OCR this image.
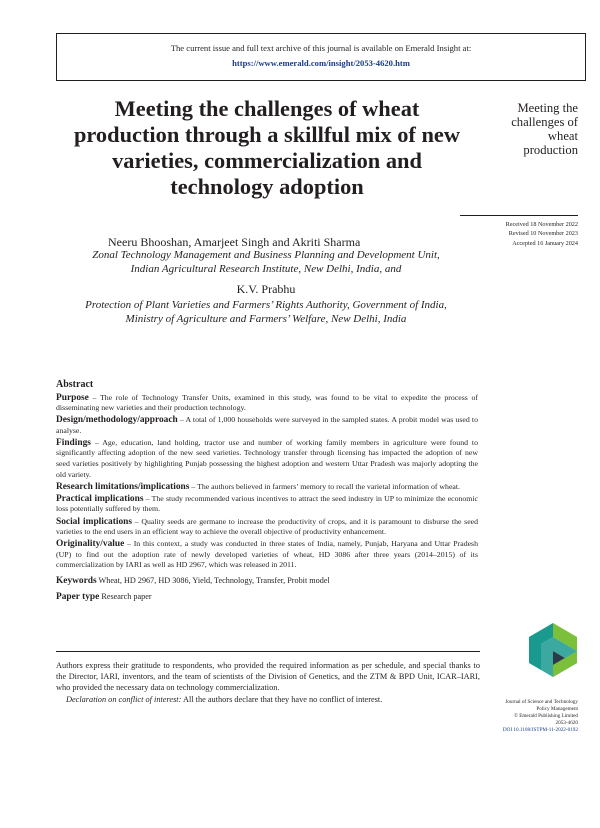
The current issue and full text archive of this journal is available on Emerald Insight at:
https://www.emerald.com/insight/2053-4620.htm
Meeting the challenges of wheat production through a skillful mix of new varieties, commercialization and technology adoption
Meeting the
challenges of
wheat
production
Received 18 November 2022
Revised 10 November 2023
Accepted 16 January 2024
Neeru Bhooshan, Amarjeet Singh and Akriti Sharma
Zonal Technology Management and Business Planning and Development Unit,
Indian Agricultural Research Institute, New Delhi, India, and
K.V. Prabhu
Protection of Plant Varieties and Farmers’ Rights Authority, Government of India,
Ministry of Agriculture and Farmers’ Welfare, New Delhi, India
Abstract
Purpose – The role of Technology Transfer Units, examined in this study, was found to be vital to expedite the process of disseminating new varieties and their production technology.
Design/methodology/approach – A total of 1,000 households were surveyed in the sampled states. A probit model was used to analyse.
Findings – Age, education, land holding, tractor use and number of working family members in agriculture were found to significantly affecting adoption of the new seed varieties. Technology transfer through licensing has impacted the adoption of new seed varieties positively by highlighting Punjab possessing the highest adoption and western Uttar Pradesh was majorly adopting the old variety.
Research limitations/implications – The authors believed in farmers’ memory to recall the varietal information of wheat.
Practical implications – The study recommended various incentives to attract the seed industry in UP to minimize the economic loss potentially suffered by them.
Social implications – Quality seeds are germane to increase the productivity of crops, and it is paramount to disburse the seed varieties to the end users in an efficient way to achieve the overall objective of productivity enhancement.
Originality/value – In this context, a study was conducted in three states of India, namely, Punjab, Haryana and Uttar Pradesh (UP) to find out the adoption rate of newly developed varieties of wheat, HD 3086 after three years (2014–2015) of its commercialization by IARI as well as HD 2967, which was released in 2011.
Keywords Wheat, HD 2967, HD 3086, Yield, Technology, Transfer, Probit model
Paper type Research paper
Authors express their gratitude to respondents, who provided the required information as per schedule, and special thanks to the Director, IARI, inventors, and the team of scientists of the Division of Genetics, and the ZTM & BPD Unit, ICAR–IARI, who provided the necessary data on technology commercialization.
Declaration on conflict of interest: All the authors declare that they have no conflict of interest.	Journal of Science and Technology
Policy Management
© Emerald Publishing Limited
2053-4620
DOI 10.1108/JSTPM-11-2022-0192
